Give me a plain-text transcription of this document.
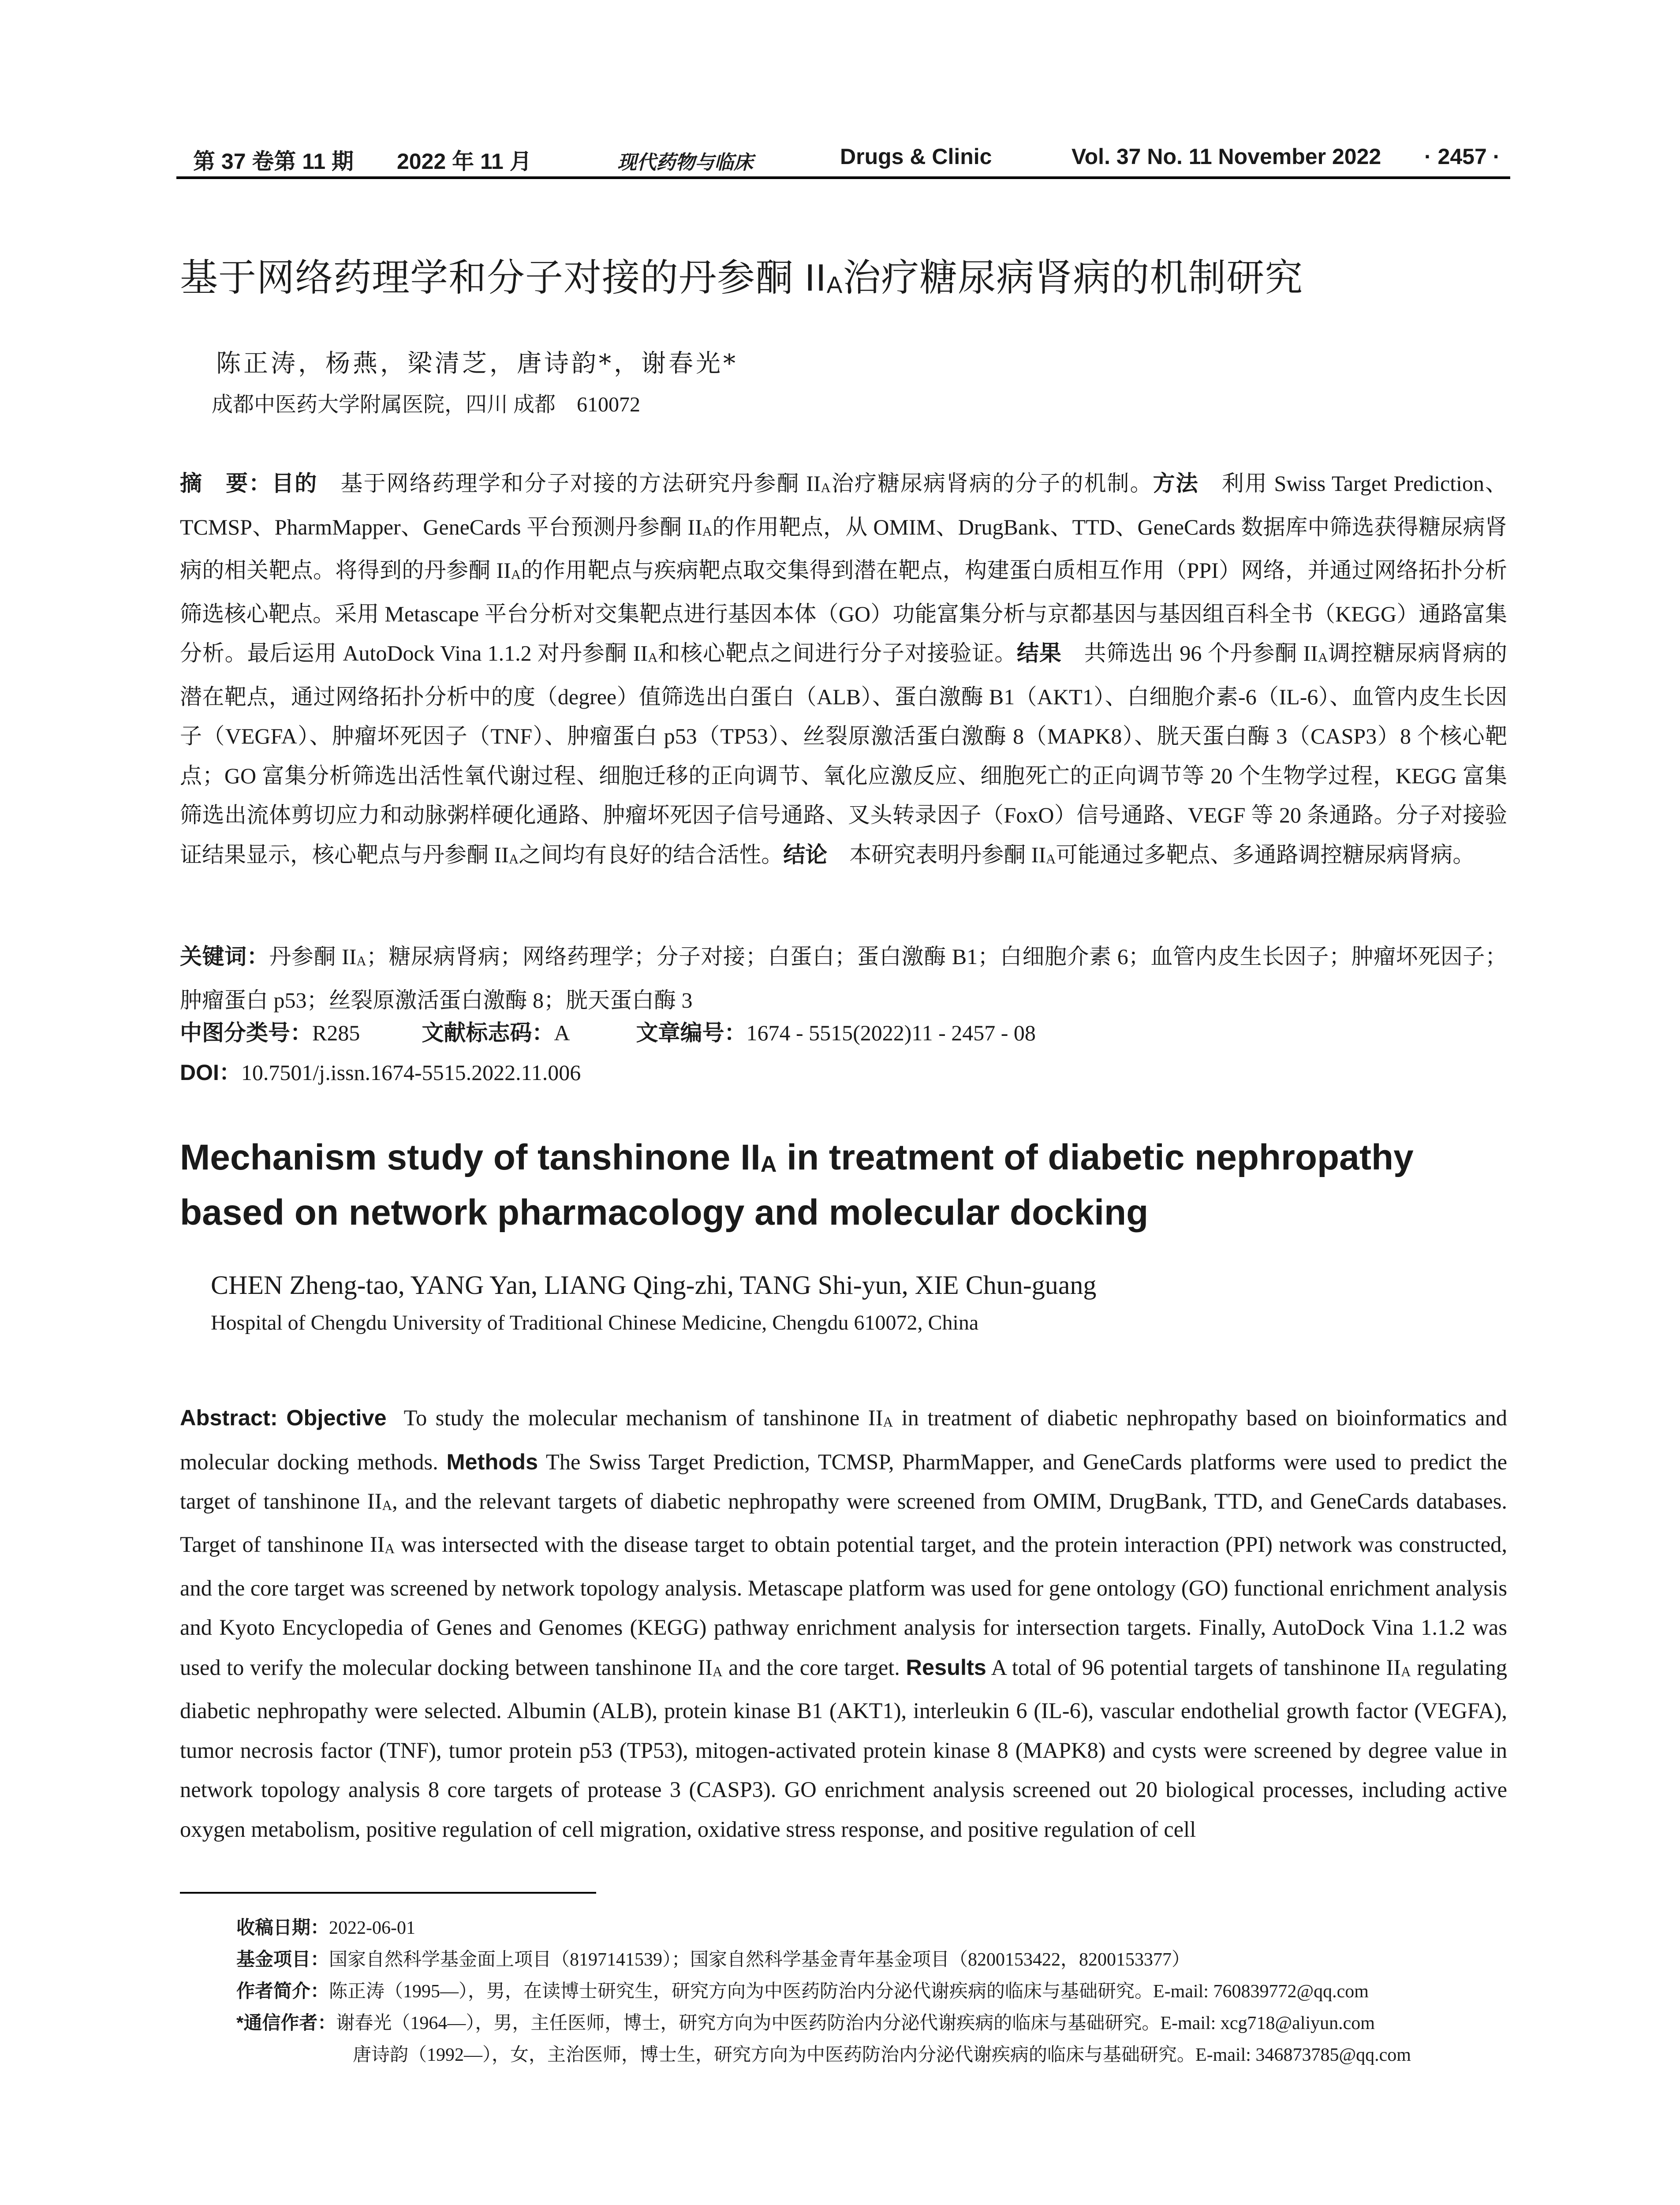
第 37 卷第 11 期 2022 年 11 月	现代药物与临床	Drugs & Clinic	Vol. 37 No. 11 November 2022 · 2457 ·
基于网络药理学和分子对接的丹参酮 IIA治疗糖尿病肾病的机制研究
陈正涛，杨燕，梁清芝，唐诗韵*，谢春光*
成都中医药大学附属医院，四川 成都　610072
摘　要：目的　 基于网络药理学和分子对接的方法研究丹参酮 IIA治疗糖尿病肾病的分子的机制。方法　 利用 Swiss Target Prediction、TCMSP、PharmMapper、GeneCards 平台预测丹参酮 IIA的作用靶点，从 OMIM、DrugBank、TTD、GeneCards 数据库中筛选获得糖尿病肾病的相关靶点。将得到的丹参酮 IIA的作用靶点与疾病靶点取交集得到潜在靶点，构建蛋白质相互作用（PPI）网络，并通过网络拓扑分析筛选核心靶点。采用 Metascape 平台分析对交集靶点进行基因本体（GO）功能富集分析与京都基因与基因组百科全书（KEGG）通路富集分析。最后运用 AutoDock Vina 1.1.2 对丹参酮 IIA和核心靶点之间进行分子对接验证。结果　 共筛选出 96 个丹参酮 IIA调控糖尿病肾病的潜在靶点，通过网络拓扑分析中的度（degree）值筛选出白蛋白（ALB）、蛋白激酶 B1（AKT1）、白细胞介素-6（IL-6）、血管内皮生长因子（VEGFA）、肿瘤坏死因子（TNF）、肿瘤蛋白 p53（TP53）、丝裂原激活蛋白激酶 8（MAPK8）、胱天蛋白酶 3（CASP3）8 个核心靶点；GO 富集分析筛选出活性氧代谢过程、细胞迁移的正向调节、氧化应激反应、细胞死亡的正向调节等 20 个生物学过程，KEGG 富集筛选出流体剪切应力和动脉粥样硬化通路、肿瘤坏死因子信号通路、叉头转录因子（FoxO）信号通路、VEGF 等 20 条通路。分子对接验证结果显示，核心靶点与丹参酮 IIA之间均有良好的结合活性。结论　 本研究表明丹参酮 IIA可能通过多靶点、多通路调控糖尿病肾病。
关键词：丹参酮 IIA；糖尿病肾病；网络药理学；分子对接；白蛋白；蛋白激酶 B1；白细胞介素 6；血管内皮生长因子；肿瘤坏死因子；肿瘤蛋白 p53；丝裂原激活蛋白激酶 8；胱天蛋白酶 3
中图分类号：R285	文献标志码：A	文章编号：1674 - 5515(2022)11 - 2457 - 08
DOI：10.7501/j.issn.1674-5515.2022.11.006
Mechanism study of tanshinone IIA in treatment of diabetic nephropathy based on network pharmacology and molecular docking
CHEN Zheng-tao, YANG Yan, LIANG Qing-zhi, TANG Shi-yun, XIE Chun-guang
Hospital of Chengdu University of Traditional Chinese Medicine, Chengdu 610072, China
Abstract: Objective To study the molecular mechanism of tanshinone IIA in treatment of diabetic nephropathy based on bioinformatics and molecular docking methods. Methods The Swiss Target Prediction, TCMSP, PharmMapper, and GeneCards platforms were used to predict the target of tanshinone IIA, and the relevant targets of diabetic nephropathy were screened from OMIM, DrugBank, TTD, and GeneCards databases. Target of tanshinone IIA was intersected with the disease target to obtain potential target, and the protein interaction (PPI) network was constructed, and the core target was screened by network topology analysis. Metascape platform was used for gene ontology (GO) functional enrichment analysis and Kyoto Encyclopedia of Genes and Genomes (KEGG) pathway enrichment analysis for intersection targets. Finally, AutoDock Vina 1.1.2 was used to verify the molecular docking between tanshinone IIA and the core target. Results A total of 96 potential targets of tanshinone IIA regulating diabetic nephropathy were selected. Albumin (ALB), protein kinase B1 (AKT1), interleukin 6 (IL-6), vascular endothelial growth factor (VEGFA), tumor necrosis factor (TNF), tumor protein p53 (TP53), mitogen-activated protein kinase 8 (MAPK8) and cysts were screened by degree value in network topology analysis 8 core targets of protease 3 (CASP3). GO enrichment analysis screened out 20 biological processes, including active oxygen metabolism, positive regulation of cell migration, oxidative stress response, and positive regulation of cell
收稿日期：2022-06-01
基金项目：国家自然科学基金面上项目（8197141539）；国家自然科学基金青年基金项目（8200153422，8200153377）
作者简介：陈正涛（1995—），男，在读博士研究生，研究方向为中医药防治内分泌代谢疾病的临床与基础研究。E-mail: 760839772@qq.com
*通信作者：谢春光（1964—），男，主任医师，博士，研究方向为中医药防治内分泌代谢疾病的临床与基础研究。E-mail: xcg718@aliyun.com
唐诗韵（1992—），女，主治医师，博士生，研究方向为中医药防治内分泌代谢疾病的临床与基础研究。E-mail: 346873785@qq.com
